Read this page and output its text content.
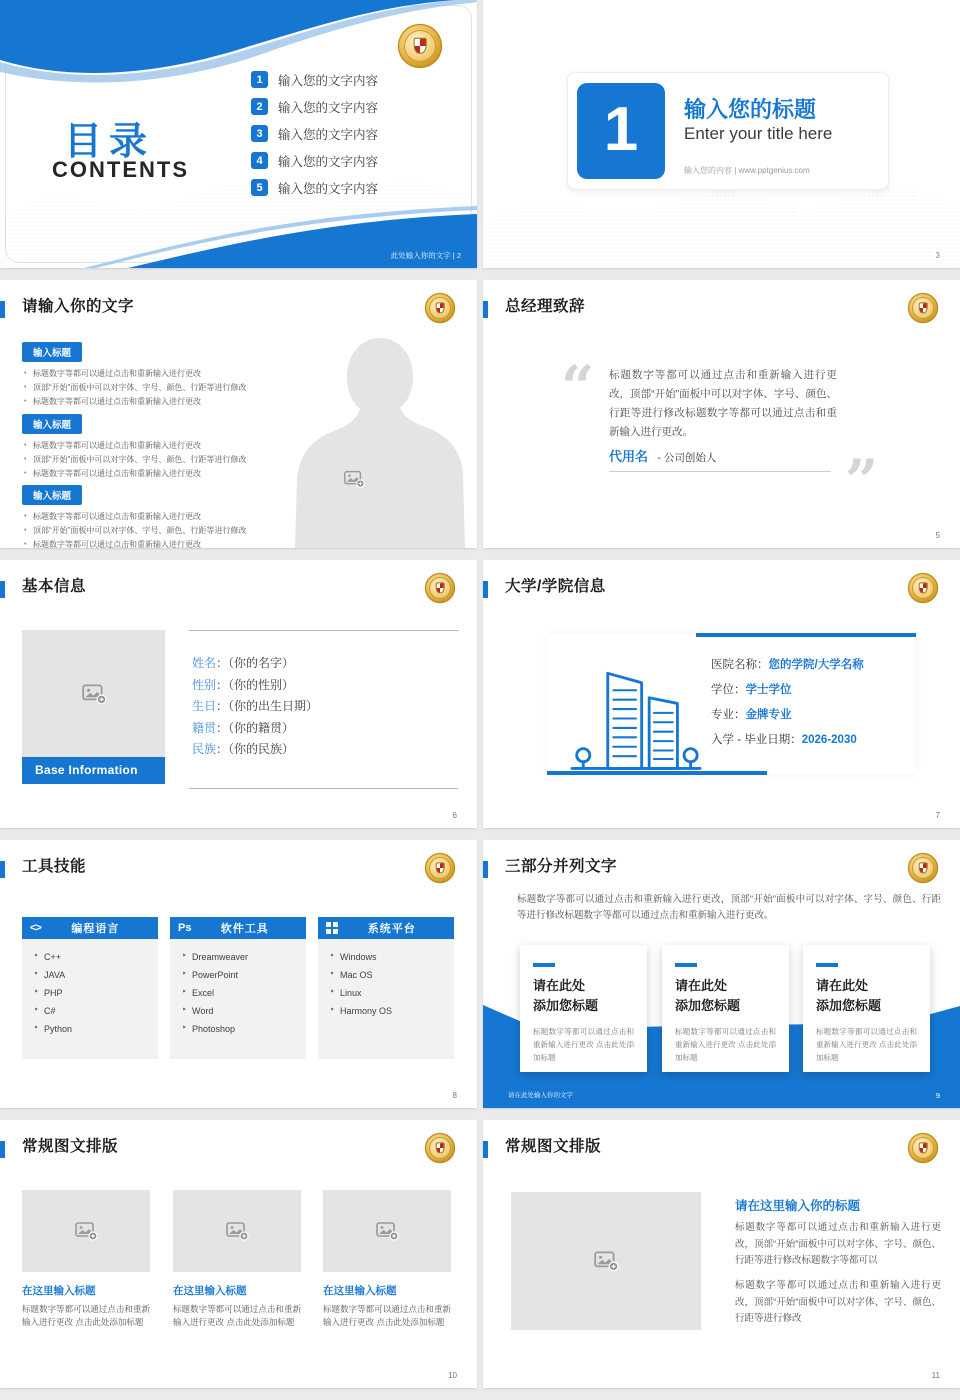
目录
CONTENTS
1	输入您的文字内容
2	输入您的文字内容
3	输入您的文字内容
4	输入您的文字内容
5	输入您的文字内容
此处输入你的文字 | 2
1	输入您的标题
Enter your title here
输入您的内容 | www.pptgenius.com
3
请输入你的文字
输入标题
• 标题数字等都可以通过点击和重新输入进行更改
• 顶部“开始”面板中可以对字体、字号、颜色、行距等进行修改
• 标题数字等都可以通过点击和重新输入进行更改
输入标题
• 标题数字等都可以通过点击和重新输入进行更改
• 顶部“开始”面板中可以对字体、字号、颜色、行距等进行修改
• 标题数字等都可以通过点击和重新输入进行更改
输入标题
• 标题数字等都可以通过点击和重新输入进行更改
• 顶部“开始”面板中可以对字体、字号、颜色、行距等进行修改
• 标题数字等都可以通过点击和重新输入进行更改
总经理致辞
“ 标题数字等都可以通过点击和重新输入进行更改，顶部“开始”面板中可以对字体、字号、颜色、行距等进行修改标题数字等都可以通过点击和重新输入进行更改。
代用名 - 公司创始人 ”
5
基本信息
Base Information
姓名：（你的名字）
性别：（你的性别）
生日：（你的出生日期）
籍贯：（你的籍贯）
民族：（你的民族）
6
大学/学院信息
医院名称：您的学院/大学名称
学位：学士学位
专业：金牌专业
入学 - 毕业日期：2026-2030
7
工具技能
<>	编程语言
‣ C++
‣ JAVA
‣ PHP
‣ C#
‣ Python
Ps	软件工具
‣ Dreamweaver
‣ PowerPoint
‣ Excel
‣ Word
‣ Photoshop
系统平台
‣ Windows
‣ Mac OS
‣ Linux
‣ Harmony OS
8
三部分并列文字
标题数字等都可以通过点击和重新输入进行更改，顶部“开始”面板中可以对字体、字号、颜色、行距等进行修改标题数字等都可以通过点击和重新输入进行更改。
请在此处
添加您标题
标题数字等都可以通过点击和重新输入进行更改 点击此处添加标题
请在此处
添加您标题
标题数字等都可以通过点击和重新输入进行更改 点击此处添加标题
请在此处
添加您标题
标题数字等都可以通过点击和重新输入进行更改 点击此处添加标题
请在此处输入你的文字	9
常规图文排版
在这里输入标题
标题数字等都可以通过点击和重新 输入进行更改 点击此处添加标题
在这里输入标题
标题数字等都可以通过点击和重新 输入进行更改 点击此处添加标题
在这里输入标题
标题数字等都可以通过点击和重新 输入进行更改 点击此处添加标题
10
常规图文排版
请在这里输入你的标题
标题数字等都可以通过点击和重新输入进行更改，顶部“开始”面板中可以对字体、字号、颜色、行距等进行修改标题数字等都可以
标题数字等都可以通过点击和重新输入进行更改，顶部“开始”面板中可以对字体、字号、颜色、行距等进行修改
11
